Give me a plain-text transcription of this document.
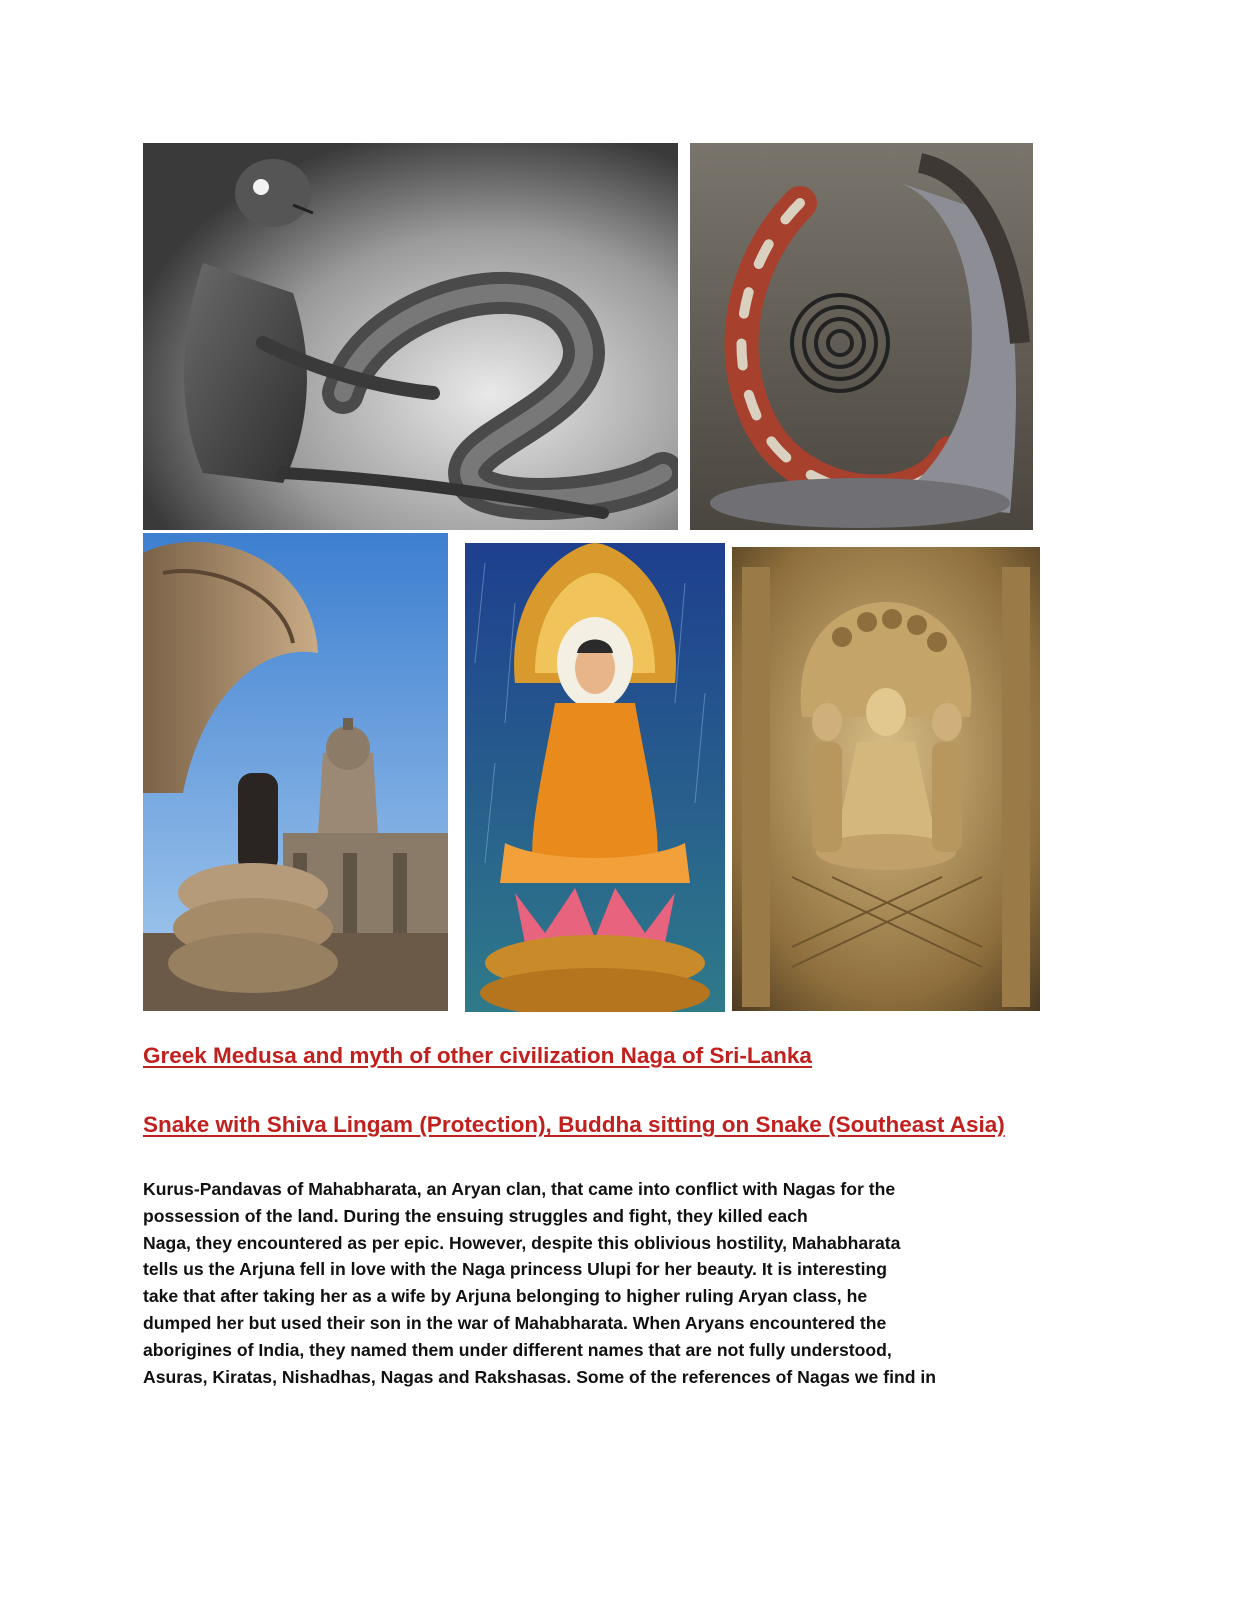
Greek Medusa and myth of other civilization Naga of Sri-Lanka
Snake with Shiva Lingam (Protection), Buddha sitting on Snake (Southeast Asia)
Kurus-Pandavas of Mahabharata, an Aryan clan, that came into conflict with Nagas for the
possession of the land. During the ensuing struggles and fight, they killed each
Naga, they encountered as per epic. However, despite this oblivious hostility, Mahabharata
tells us the Arjuna fell in love with the Naga princess Ulupi for her beauty. It is interesting
take that after taking her as a wife by Arjuna belonging to higher ruling Aryan class, he
dumped her but used their son in the war of Mahabharata. When Aryans encountered the
aborigines of India, they named them under different names that are not fully understood,
Asuras, Kiratas, Nishadhas, Nagas and Rakshasas. Some of the references of Nagas we find in
